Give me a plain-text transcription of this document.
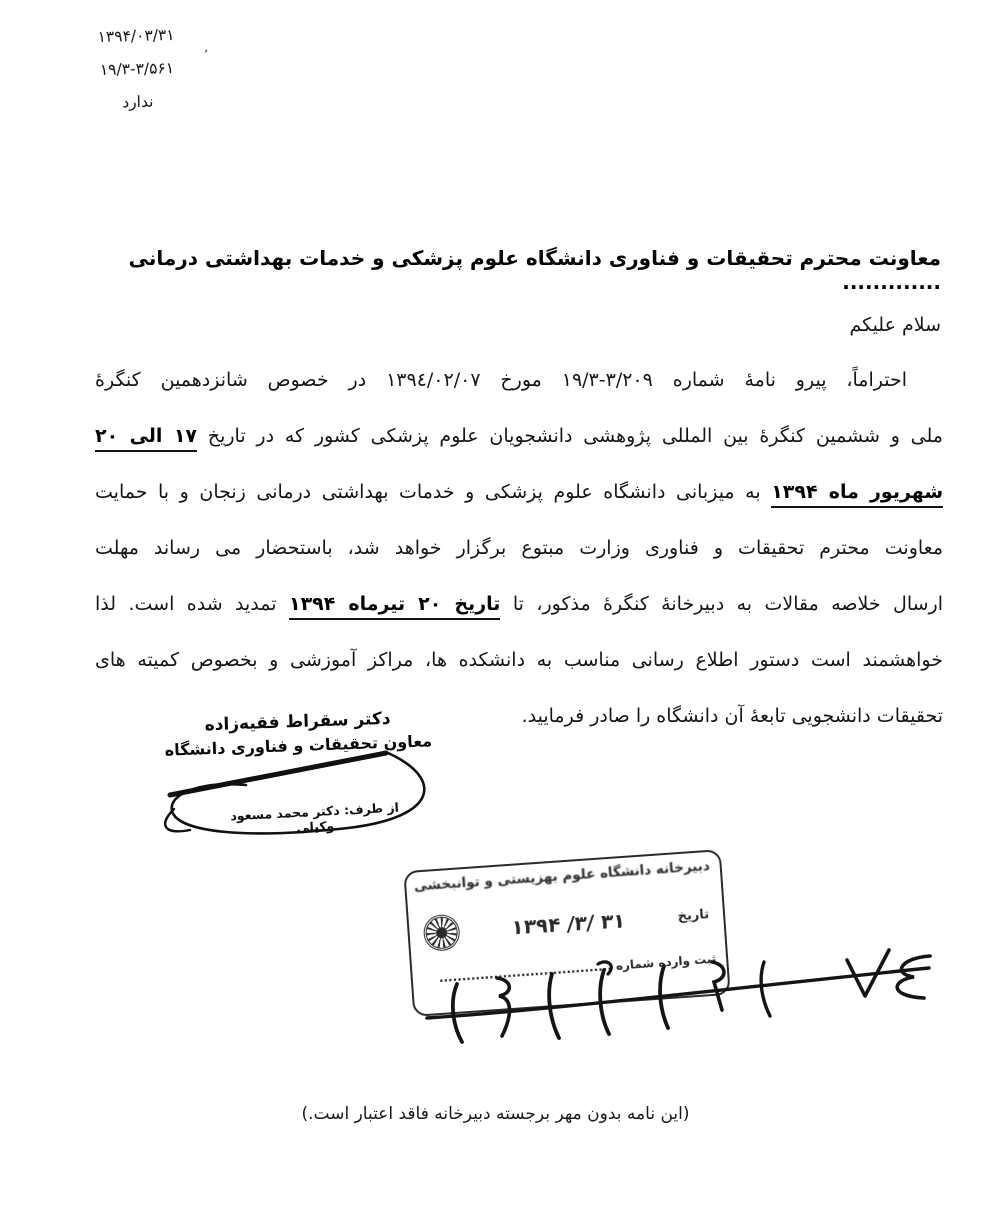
⁦۱۳۹۴/۰۳/۳۱⁩
⁦۱۹/۳-۳/۵۶۱⁩
ندارد
٬
معاونت محترم تحقیقات و فناوری دانشگاه علوم پزشکی و خدمات بهداشتی درمانی .............
سلام علیکم
احتراماً، پیرو نامهٔ شماره ⁦۱۹/۳-۳/۲۰۹⁩ مورخ ⁦۱۳۹٤/۰۲/۰۷⁩ در خصوص شانزدهمین کنگرهٔ
ملی و ششمین کنگرهٔ بین المللی پژوهشی دانشجویان علوم پزشکی کشور که در تاریخ ۱۷ الی ۲۰
شهریور ماه ۱۳۹۴ به میزبانی دانشگاه علوم پزشکی و خدمات بهداشتی درمانی زنجان و با حمایت
معاونت محترم تحقیقات و فناوری وزارت مبتوع برگزار خواهد شد، باستحضار می رساند مهلت
ارسال خلاصه مقالات به دبیرخانهٔ کنگرهٔ مذکور، تا تاریخ ۲۰ تیرماه ۱۳۹۴ تمدید شده است. لذا
خواهشمند است دستور اطلاع رسانی مناسب به دانشکده ها، مراکز آموزشی و بخصوص کمیته های
تحقیقات دانشجویی تابعهٔ آن دانشگاه را صادر فرمایید.
دکتر سقراط فقیه‌زاده
معاون تحقیقات و فناوری دانشگاه
از طرف: دکتر محمد مسعود وکیلی
دبیرخانه دانشگاه علوم بهزیستی و توانبخشی
تاریخ
۳۱ /۳/ ۱۳۹۴
ثبت وارده شماره ......................................
(این نامه بدون مهر برجسته دبیرخانه فاقد اعتبار است.)
